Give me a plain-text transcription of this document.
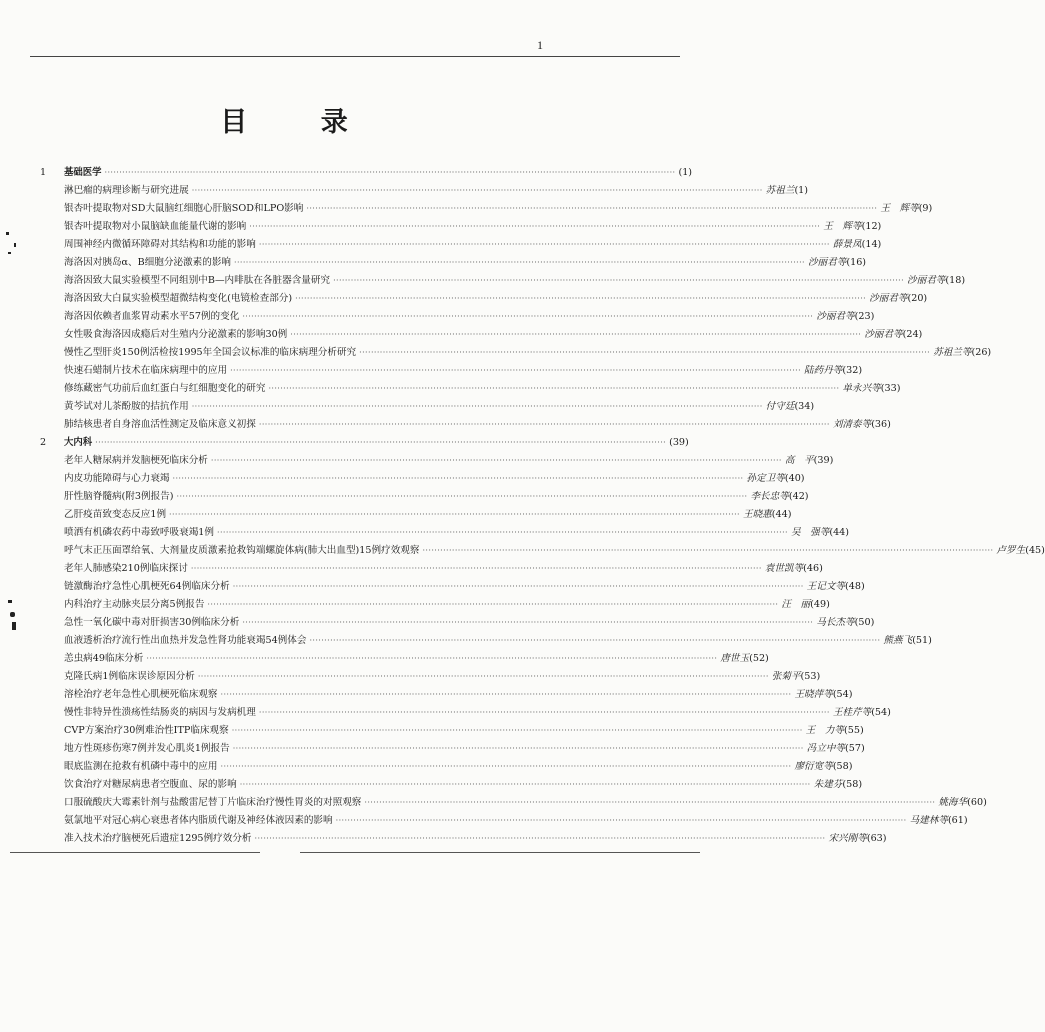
1
目 录
1	基础医学 ·····	(1)
淋巴瘤的病理诊断与研究进展 ·····	苏祖兰 (1)
银杏叶提取物对SD大鼠脑红细胞心肝脑SOD和LPO影响 ·····	王　辉等 (9)
银杏叶提取物对小鼠脑缺血能量代谢的影响 ·····	王　辉等 (12)
周围神经内微循环障碍对其结构和功能的影响 ·····	薛景凤 (14)
海洛因对胰岛α、B细胞分泌激素的影响 ·····	沙丽君等 (16)
海洛因致大鼠实验模型不同组别中B—内啡肽在各脏器含量研究 ·····	沙丽君等 (18)
海洛因致大白鼠实验模型超微结构变化(电镜检查部分) ·····	沙丽君等 (20)
海洛因依赖者血浆胃动素水平57例的变化 ·····	沙丽君等 (23)
女性吸食海洛因成瘾后对生殖内分泌激素的影响30例 ·····	沙丽君等 (24)
慢性乙型肝炎150例活检按1995年全国会议标准的临床病理分析研究 ·····	苏祖兰等 (26)
快速石蜡制片技术在临床病理中的应用 ·····	陆药丹等 (32)
修练藏密气功前后血红蛋白与红细胞变化的研究 ·····	单永兴等 (33)
黄芩试对儿茶酚胺的拮抗作用 ·····	付守廷 (34)
肺结核患者自身溶血活性测定及临床意义初探 ·····	刘清泰等 (36)
2	大内科 ·····	(39)
老年人糖尿病并发脑梗死临床分析 ·····	高　平 (39)
内皮功能障碍与心力衰竭 ·····	孙定卫等 (40)
肝性脑脊髓病(附3例报告) ·····	李长忠等 (42)
乙肝疫苗致变态反应1例 ·····	王晓惠 (44)
喷洒有机磷农药中毒致呼吸衰竭1例 ·····	吴　强等 (44)
呼气末正压面罩给氧、大剂量皮质激素抢救钩端螺旋体病(肺大出血型)15例疗效观察 ·····	卢罗生 (45)
老年人肺感染210例临床探讨 ·····	袁世凯等 (46)
链激酶治疗急性心肌梗死64例临床分析 ·····	王记文等 (48)
内科治疗主动脉夹层分离5例报告 ·····	汪　丽 (49)
急性一氧化碳中毒对肝损害30例临床分析 ·····	马长杰等 (50)
血液透析治疗流行性出血热并发急性肾功能衰竭54例体会 ·····	熊燕飞 (51)
恙虫病49临床分析 ·····	唐世玉 (52)
克隆氏病1例临床误诊原因分析 ·····	张菊平 (53)
溶栓治疗老年急性心肌梗死临床观察 ·····	王晓萍等 (54)
慢性非特异性溃疡性结肠炎的病因与发病机理 ·····	王桂芹等 (54)
CVP方案治疗30例难治性ITP临床观察 ·····	王　力等 (55)
地方性斑疹伤寒7例并发心肌炎1例报告 ·····	冯立中等 (57)
眼底监测在抢救有机磷中毒中的应用 ·····	廖衍宽等 (58)
饮食治疗对糖尿病患者空腹血、尿的影响 ·····	朱建芬 (58)
口服硫酸庆大霉素针剂与盐酸雷尼替丁片临床治疗慢性胃炎的对照观察 ·····	姚海华 (60)
氨氯地平对冠心病心衰患者体内脂质代谢及神经体液因素的影响 ·····	马建林等 (61)
准入技术治疗脑梗死后遗症1295例疗效分析 ·····	宋兴刚等 (63)
